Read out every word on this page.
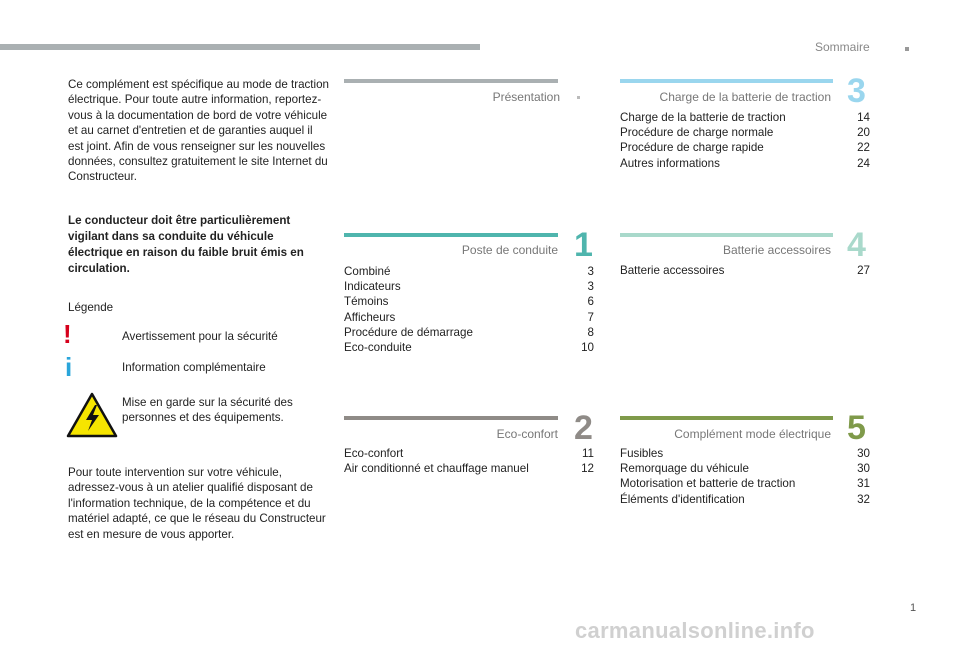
Sommaire
Ce complément est spécifique au mode de traction électrique. Pour toute autre information, reportez-vous à la documentation de bord de votre véhicule et au carnet d'entretien et de garanties auquel il est joint. Afin de vous renseigner sur les nouvelles données, consultez gratuitement le site Internet du Constructeur.
Le conducteur doit être particulièrement vigilant dans sa conduite du véhicule électrique en raison du faible bruit émis en circulation.
Légende
!	Avertissement pour la sécurité
i	Information complémentaire
Mise en garde sur la sécurité des personnes et des équipements.
Pour toute intervention sur votre véhicule, adressez-vous à un atelier qualifié disposant de l'information technique, de la compétence et du matériel adapté, ce que le réseau du Constructeur est en mesure de vous apporter.
Présentation
Poste de conduite 1
Combiné	3
Indicateurs	3
Témoins	6
Afficheurs	7
Procédure de démarrage	8
Eco-conduite	10
Eco-confort 2
Eco-confort	11
Air conditionné et chauffage manuel	12
Charge de la batterie de traction 3
Charge de la batterie de traction	14
Procédure de charge normale	20
Procédure de charge rapide	22
Autres informations	24
Batterie accessoires 4
Batterie accessoires	27
Complément mode électrique 5
Fusibles	30
Remorquage du véhicule	30
Motorisation et batterie de traction	31
Éléments d'identification	32
1
carmanualsonline.info
